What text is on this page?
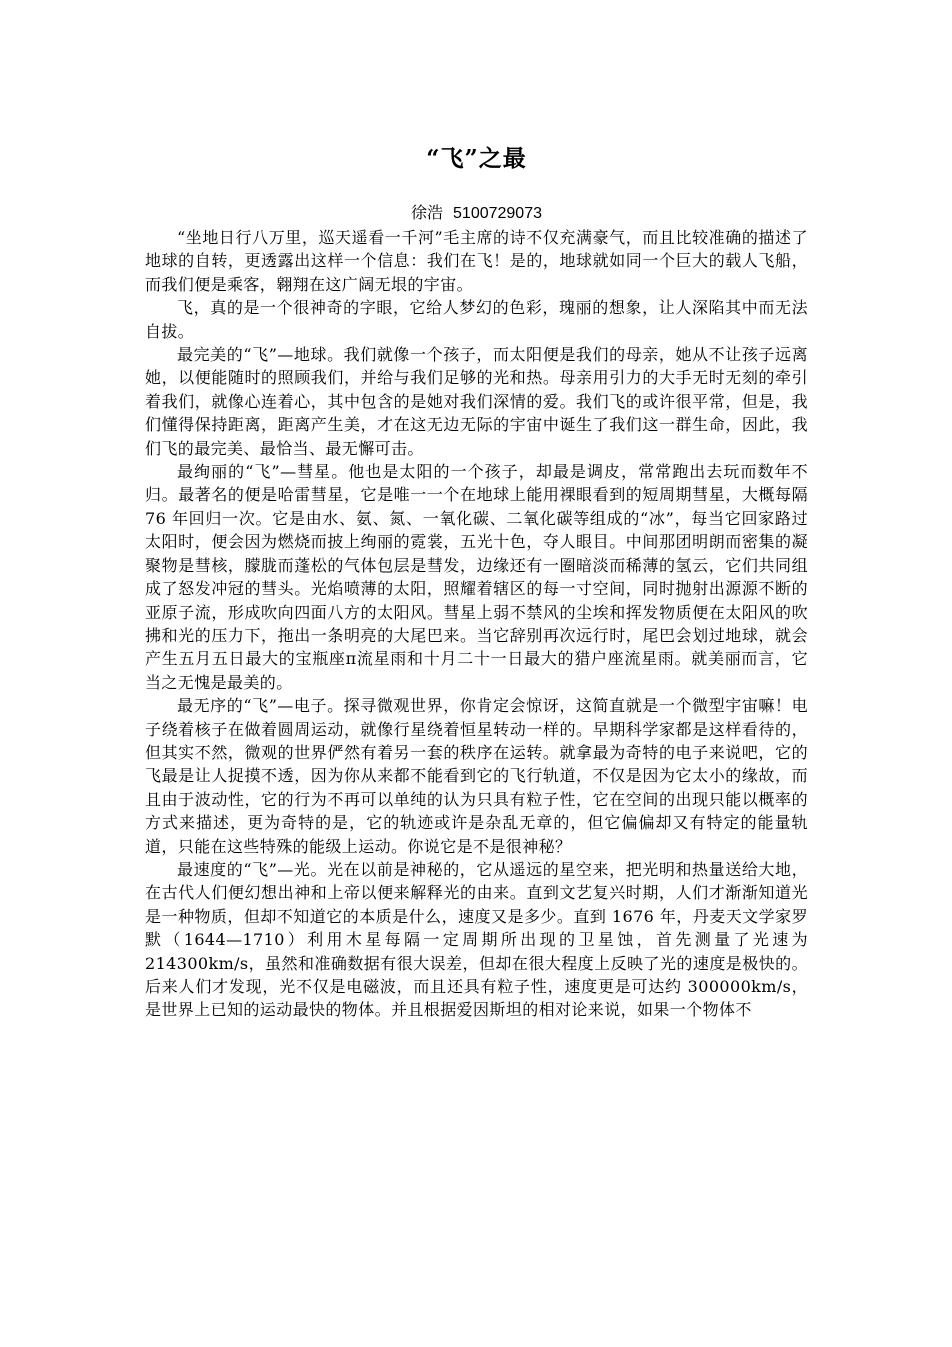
“飞”之最
徐浩 5100729073

“坐地日行八万里，巡天遥看一千河”毛主席的诗不仅充满豪气，而且比较准确的描述了地球的自转，更透露出这样一个信息：我们在飞！是的，地球就如同一个巨大的载人飞船，而我们便是乘客，翱翔在这广阔无垠的宇宙。

飞，真的是一个很神奇的字眼，它给人梦幻的色彩，瑰丽的想象，让人深陷其中而无法自拔。

最完美的“飞”—地球。我们就像一个孩子，而太阳便是我们的母亲，她从不让孩子远离她，以便能随时的照顾我们，并给与我们足够的光和热。母亲用引力的大手无时无刻的牵引着我们，就像心连着心，其中包含的是她对我们深情的爱。我们飞的或许很平常，但是，我们懂得保持距离，距离产生美，才在这无边无际的宇宙中诞生了我们这一群生命，因此，我们飞的最完美、最恰当、最无懈可击。

最绚丽的“飞”—彗星。他也是太阳的一个孩子，却最是调皮，常常跑出去玩而数年不归。最著名的便是哈雷彗星，它是唯一一个在地球上能用裸眼看到的短周期彗星，大概每隔 76 年回归一次。它是由水、氨、氮、一氧化碳、二氧化碳等组成的“冰”，每当它回家路过太阳时，便会因为燃烧而披上绚丽的霓裳，五光十色，夺人眼目。中间那团明朗而密集的凝聚物是彗核，朦胧而蓬松的气体包层是彗发，边缘还有一圈暗淡而稀薄的氢云，它们共同组成了怒发冲冠的彗头。光焰喷薄的太阳，照耀着辖区的每一寸空间，同时抛射出源源不断的亚原子流，形成吹向四面八方的太阳风。彗星上弱不禁风的尘埃和挥发物质便在太阳风的吹拂和光的压力下，拖出一条明亮的大尾巴来。当它辞别再次远行时，尾巴会划过地球，就会产生五月五日最大的宝瓶座π流星雨和十月二十一日最大的猎户座流星雨。就美丽而言，它当之无愧是最美的。

最无序的“飞”—电子。探寻微观世界，你肯定会惊讶，这简直就是一个微型宇宙嘛！电子绕着核子在做着圆周运动，就像行星绕着恒星转动一样的。早期科学家都是这样看待的，但其实不然，微观的世界俨然有着另一套的秩序在运转。就拿最为奇特的电子来说吧，它的飞最是让人捉摸不透，因为你从来都不能看到它的飞行轨道，不仅是因为它太小的缘故，而且由于波动性，它的行为不再可以单纯的认为只具有粒子性，它在空间的出现只能以概率的方式来描述，更为奇特的是，它的轨迹或许是杂乱无章的，但它偏偏却又有特定的能量轨道，只能在这些特殊的能级上运动。你说它是不是很神秘？

最速度的“飞”—光。光在以前是神秘的，它从遥远的星空来，把光明和热量送给大地，在古代人们便幻想出神和上帝以便来解释光的由来。直到文艺复兴时期，人们才渐渐知道光是一种物质，但却不知道它的本质是什么，速度又是多少。直到 1676 年，丹麦天文学家罗默（1644—1710）利用木星每隔一定周期所出现的卫星蚀，首先测量了光速为 214300km/s，虽然和准确数据有很大误差，但却在很大程度上反映了光的速度是极快的。后来人们才发现，光不仅是电磁波，而且还具有粒子性，速度更是可达约 300000km/s，是世界上已知的运动最快的物体。并且根据爱因斯坦的相对论来说，如果一个物体不
